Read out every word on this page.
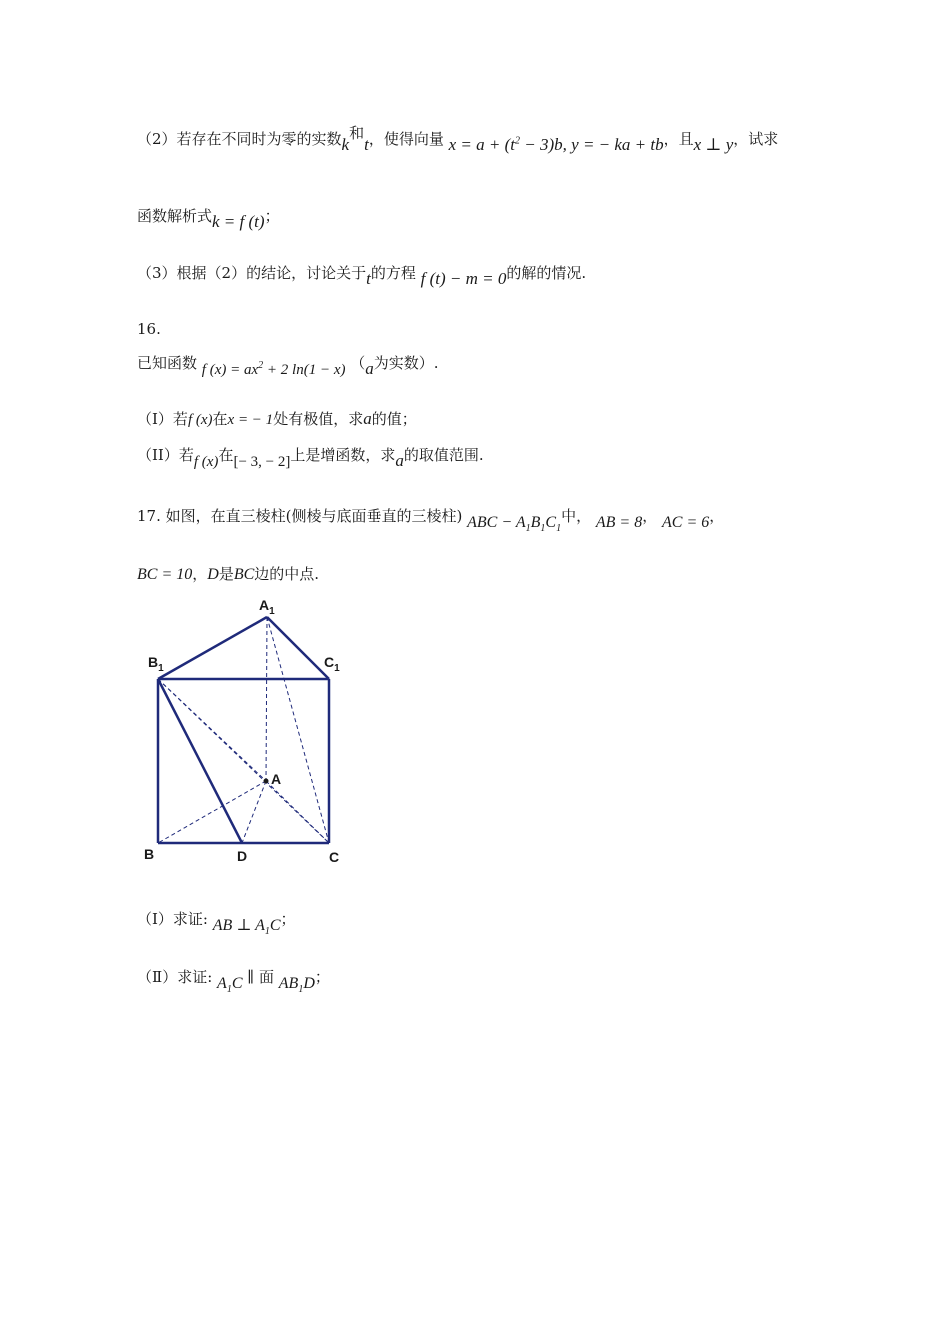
（2）若存在不同时为零的实数k和t，使得向量 $x = a + (t^2 - 3)b$, y = − ka + tb，且x ⊥ y，试求
函数解析式k = f (t)；
（3）根据（2）的结论，讨论关于t的方程 f (t) − m = 0的解的情况.
16.
已知函数 f $(x) = ax^2 + 2$ ln(1 − x) （a为实数）.
（I）若f (x)在x = − 1处有极值，求a的值；
（II）若f (x)在[− 3, − 2]上是增函数，求a的取值范围.
17. 如图，在直三棱柱(侧棱与底面垂直的三棱柱) ABC − $A_1B_1C_1$中， AB = 8， AC = 6，
BC = 10，D是BC边的中点.
$A_1$
$B_1$	$C_1$
A
B	D	C
（Ⅰ）求证: AB ⊥ $A_1C$；
（Ⅱ）求证: $A_1C$ ∥ 面 $AB_1D$；
